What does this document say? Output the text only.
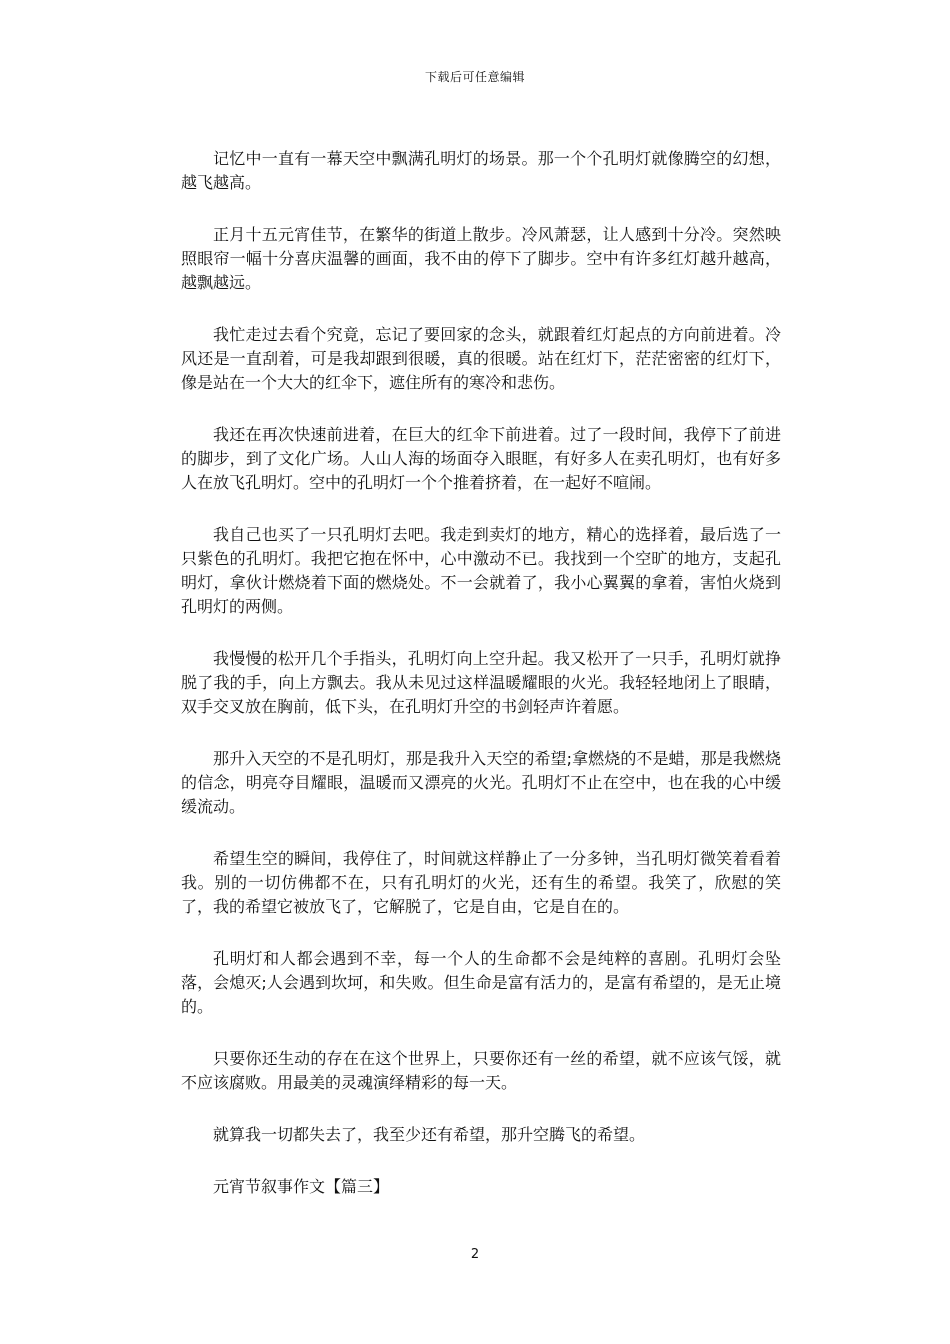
下载后可任意编辑

记忆中一直有一幕天空中飘满孔明灯的场景。那一个个孔明灯就像腾空的幻想，越飞越高。

正月十五元宵佳节，在繁华的街道上散步。冷风萧瑟，让人感到十分冷。突然映照眼帘一幅十分喜庆温馨的画面，我不由的停下了脚步。空中有许多红灯越升越高，越飘越远。

我忙走过去看个究竟，忘记了要回家的念头，就跟着红灯起点的方向前进着。冷风还是一直刮着，可是我却跟到很暖，真的很暖。站在红灯下，茫茫密密的红灯下，像是站在一个大大的红伞下，遮住所有的寒冷和悲伤。

我还在再次快速前进着，在巨大的红伞下前进着。过了一段时间，我停下了前进的脚步，到了文化广场。人山人海的场面夺入眼眶，有好多人在卖孔明灯，也有好多人在放飞孔明灯。空中的孔明灯一个个推着挤着，在一起好不喧闹。

我自己也买了一只孔明灯去吧。我走到卖灯的地方，精心的选择着，最后选了一只紫色的孔明灯。我把它抱在怀中，心中激动不已。我找到一个空旷的地方，支起孔明灯，拿伙计燃烧着下面的燃烧处。不一会就着了，我小心翼翼的拿着，害怕火烧到孔明灯的两侧。

我慢慢的松开几个手指头，孔明灯向上空升起。我又松开了一只手，孔明灯就挣脱了我的手，向上方飘去。我从未见过这样温暖耀眼的火光。我轻轻地闭上了眼睛，双手交叉放在胸前，低下头，在孔明灯升空的书剑轻声许着愿。

那升入天空的不是孔明灯，那是我升入天空的希望;拿燃烧的不是蜡，那是我燃烧的信念，明亮夺目耀眼，温暖而又漂亮的火光。孔明灯不止在空中，也在我的心中缓缓流动。

希望生空的瞬间，我停住了，时间就这样静止了一分多钟，当孔明灯微笑着看着我。别的一切仿佛都不在，只有孔明灯的火光，还有生的希望。我笑了，欣慰的笑了，我的希望它被放飞了，它解脱了，它是自由，它是自在的。

孔明灯和人都会遇到不幸，每一个人的生命都不会是纯粹的喜剧。孔明灯会坠落，会熄灭;人会遇到坎坷，和失败。但生命是富有活力的，是富有希望的，是无止境的。

只要你还生动的存在在这个世界上，只要你还有一丝的希望，就不应该气馁，就不应该腐败。用最美的灵魂演绎精彩的每一天。

就算我一切都失去了，我至少还有希望，那升空腾飞的希望。

元宵节叙事作文【篇三】

2
